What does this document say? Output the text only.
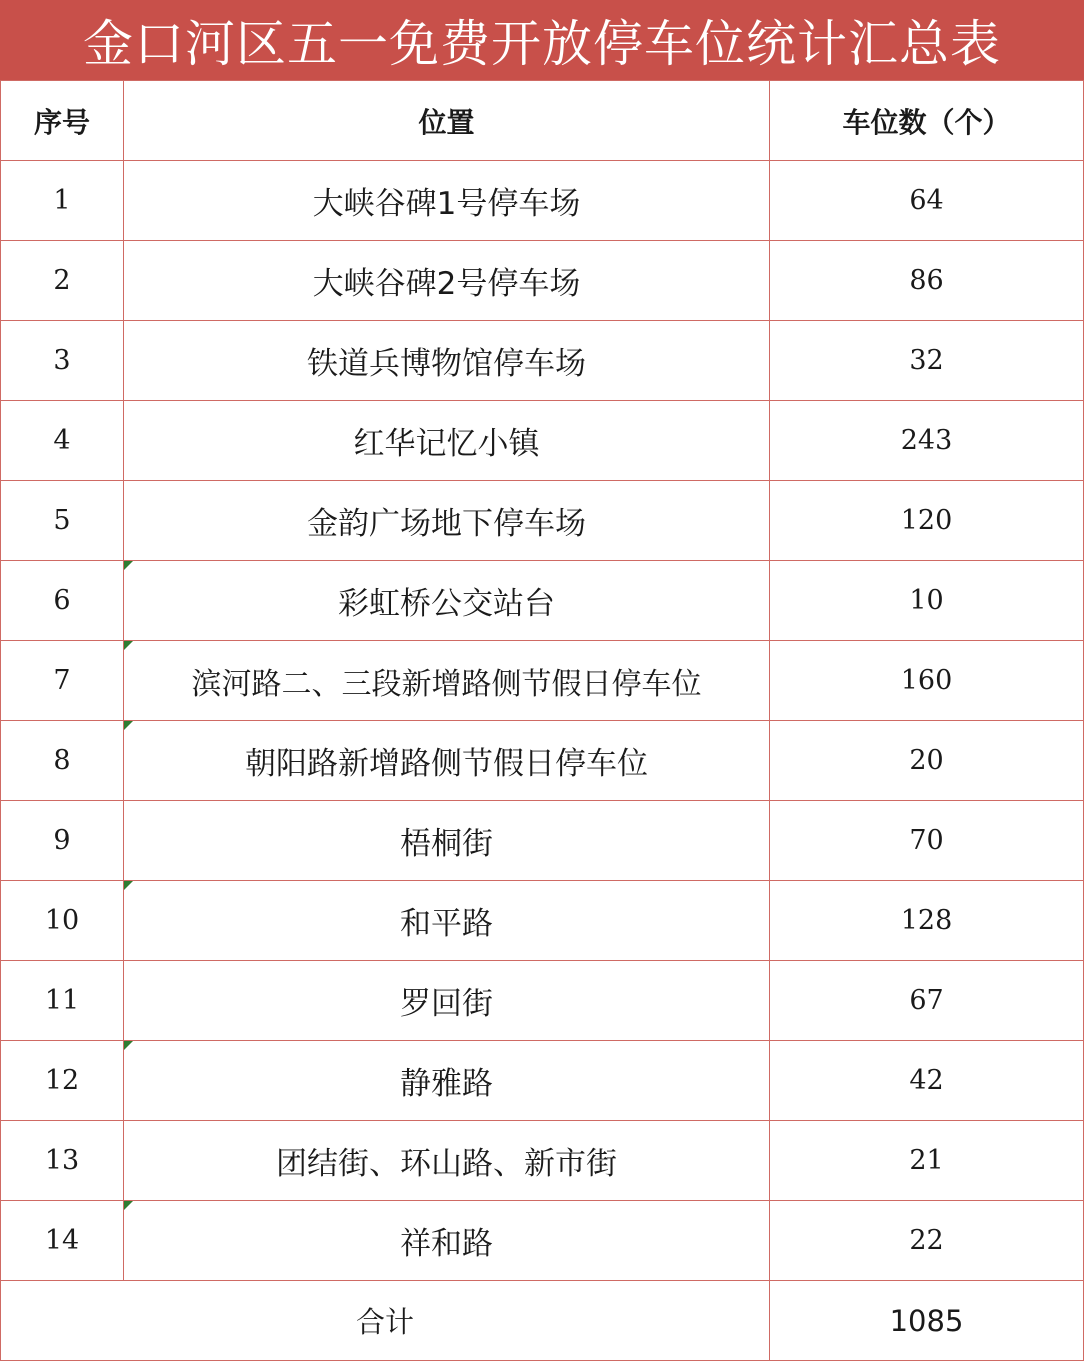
金口河区五一免费开放停车位统计汇总表
序号	位置	车位数（个）
1	大峡谷碑1号停车场	64
2	大峡谷碑2号停车场	86
3	铁道兵博物馆停车场	32
4	红华记忆小镇	243
5	金韵广场地下停车场	120
6	彩虹桥公交站台	10
7	滨河路二、三段新增路侧节假日停车位	160
8	朝阳路新增路侧节假日停车位	20
9	梧桐街	70
10	和平路	128
11	罗回街	67
12	静雅路	42
13	团结街、环山路、新市街	21
14	祥和路	22
合计		1085
